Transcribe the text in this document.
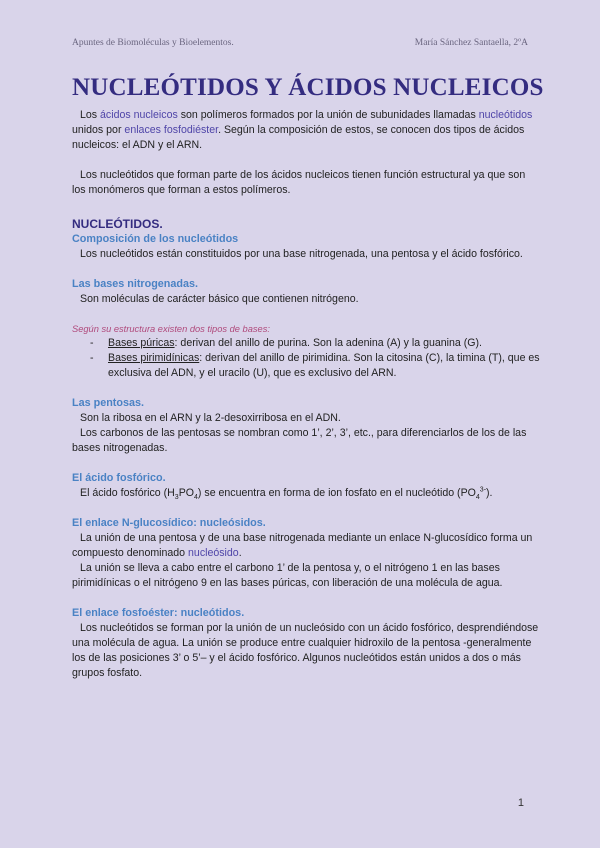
Apuntes de Biomoléculas y Bioelementos.	María Sánchez Santaella, 2ºA
NUCLEÓTIDOS Y ÁCIDOS NUCLEICOS

Los ácidos nucleicos son polímeros formados por la unión de subunidades llamadas nucleótidos unidos por enlaces fosfodiéster. Según la composición de estos, se conocen dos tipos de ácidos nucleicos: el ADN y el ARN.

Los nucleótidos que forman parte de los ácidos nucleicos tienen función estructural ya que son los monómeros que forman a estos polímeros.

NUCLEÓTIDOS.
Composición de los nucleótidos

Los nucleótidos están constituidos por una base nitrogenada, una pentosa y el ácido fosfórico.

Las bases nitrogenadas.

Son moléculas de carácter básico que contienen nitrógeno.

Según su estructura existen dos tipos de bases:
- Bases púricas: derivan del anillo de purina. Son la adenina (A) y la guanina (G).
- Bases pirimidínicas: derivan del anillo de pirimidina. Son la citosina (C), la timina (T), que es exclusiva del ADN, y el uracilo (U), que es exclusivo del ARN.
Las pentosas.

Son la ribosa en el ARN y la 2-desoxirribosa en el ADN.

Los carbonos de las pentosas se nombran como 1’, 2’, 3’, etc., para diferenciarlos de los de las bases nitrogenadas.

El ácido fosfórico.

El ácido fosfórico $(H_3PO_4)$ se encuentra en forma de ion fosfato en el nucleótido $(PO_4^{3-})$.

El enlace N-glucosídico: nucleósidos.

La unión de una pentosa y de una base nitrogenada mediante un enlace N-glucosídico forma un compuesto denominado nucleósido.

La unión se lleva a cabo entre el carbono 1’ de la pentosa y, o el nitrógeno 1 en las bases pirimidínicas o el nitrógeno 9 en las bases púricas, con liberación de una molécula de agua.

El enlace fosfoéster: nucleótidos.

Los nucleótidos se forman por la unión de un nucleósido con un ácido fosfórico, desprendiéndose una molécula de agua. La unión se produce entre cualquier hidroxilo de la pentosa -generalmente los de las posiciones 3’ o 5’– y el ácido fosfórico. Algunos nucleótidos están unidos a dos o más grupos fosfato.

1
